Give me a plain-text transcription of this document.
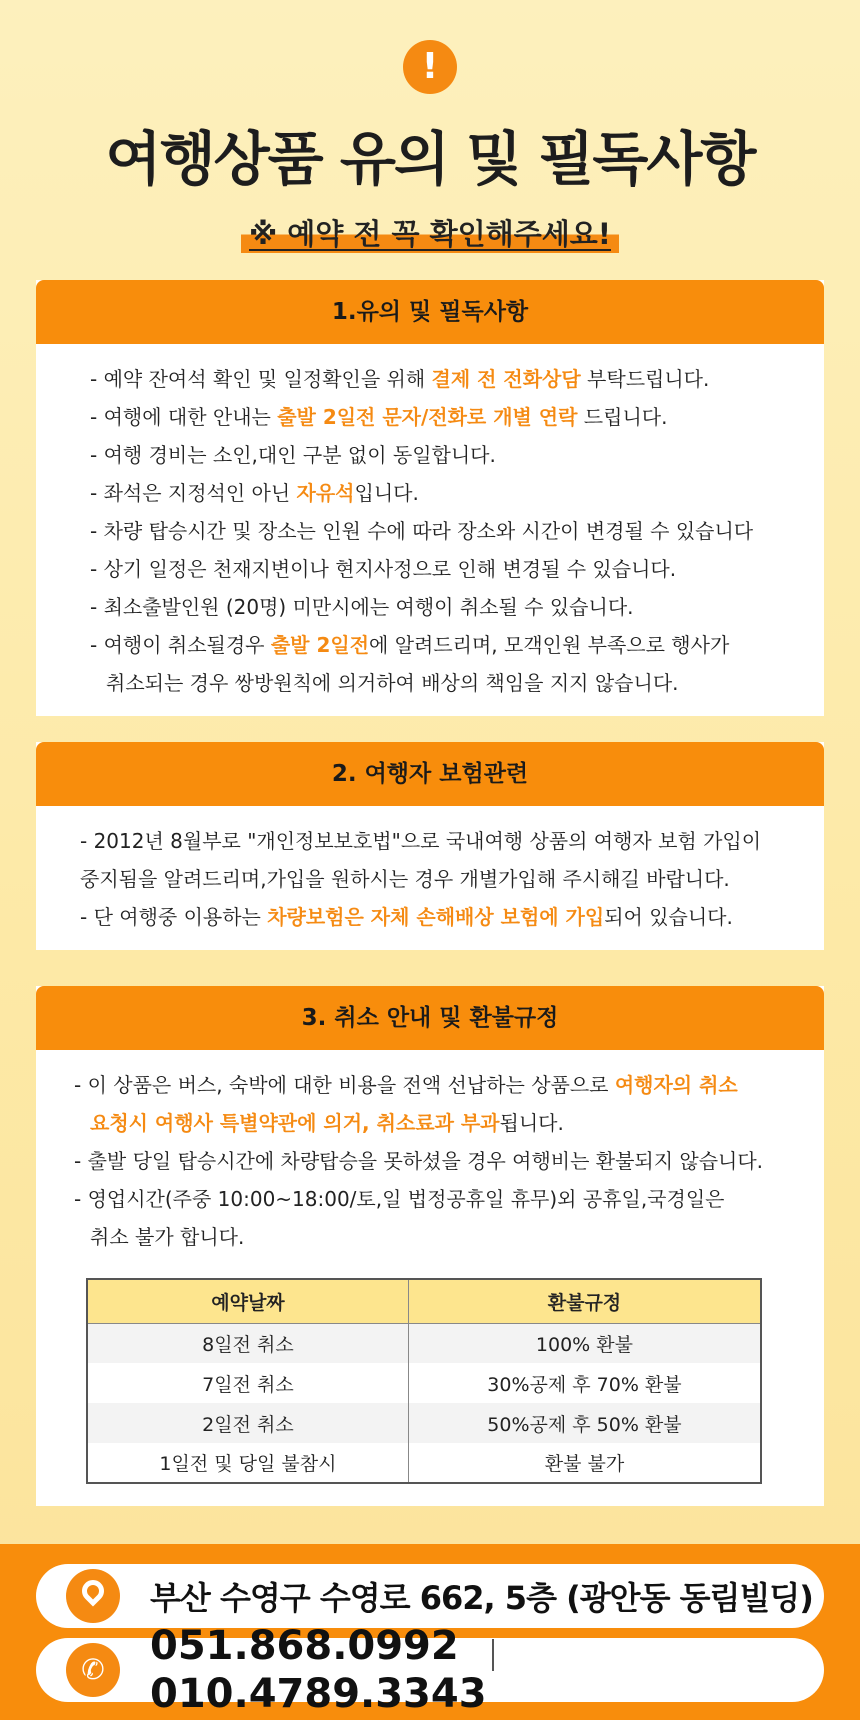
!
여행상품 유의 및 필독사항
※ 예약 전 꼭 확인해주세요!
1.유의 및 필독사항
- 예약 잔여석 확인 및 일정확인을 위해 결제 전 전화상담 부탁드립니다.
- 여행에 대한 안내는 출발 2일전 문자/전화로 개별 연락 드립니다.
- 여행 경비는 소인,대인 구분 없이 동일합니다.
- 좌석은 지정석인 아닌 자유석입니다.
- 차량 탑승시간 및 장소는 인원 수에 따라 장소와 시간이 변경될 수 있습니다
- 상기 일정은 천재지변이나 현지사정으로 인해 변경될 수 있습니다.
- 최소출발인원 (20명) 미만시에는 여행이 취소될 수 있습니다.
- 여행이 취소될경우 출발 2일전에 알려드리며, 모객인원 부족으로 행사가
취소되는 경우 쌍방원칙에 의거하여 배상의 책임을 지지 않습니다.
2. 여행자 보험관련
- 2012년 8월부로 "개인정보보호법"으로 국내여행 상품의 여행자 보험 가입이
중지됨을 알려드리며,가입을 원하시는 경우 개별가입해 주시해길 바랍니다.
- 단 여행중 이용하는 차량보험은 자체 손해배상 보험에 가입되어 있습니다.
3. 취소 안내 및 환불규정
- 이 상품은 버스, 숙박에 대한 비용을 전액 선납하는 상품으로 여행자의 취소
요청시 여행사 특별약관에 의거, 취소료과 부과됩니다.
- 출발 당일 탑승시간에 차량탑승을 못하셨을 경우 여행비는 환불되지 않습니다.
- 영업시간(주중 10:00~18:00/토,일 법정공휴일 휴무)외 공휴일,국경일은
취소 불가 합니다.
예약날짜	환불규정
8일전 취소	100% 환불
7일전 취소	30%공제 후 70% 환불
2일전 취소	50%공제 후 50% 환불
1일전 및 당일 불참시	환불 불가
부산 수영구 수영로 662, 5층 (광안동 동림빌딩)
✆
051.868.0992  010.4789.3343
